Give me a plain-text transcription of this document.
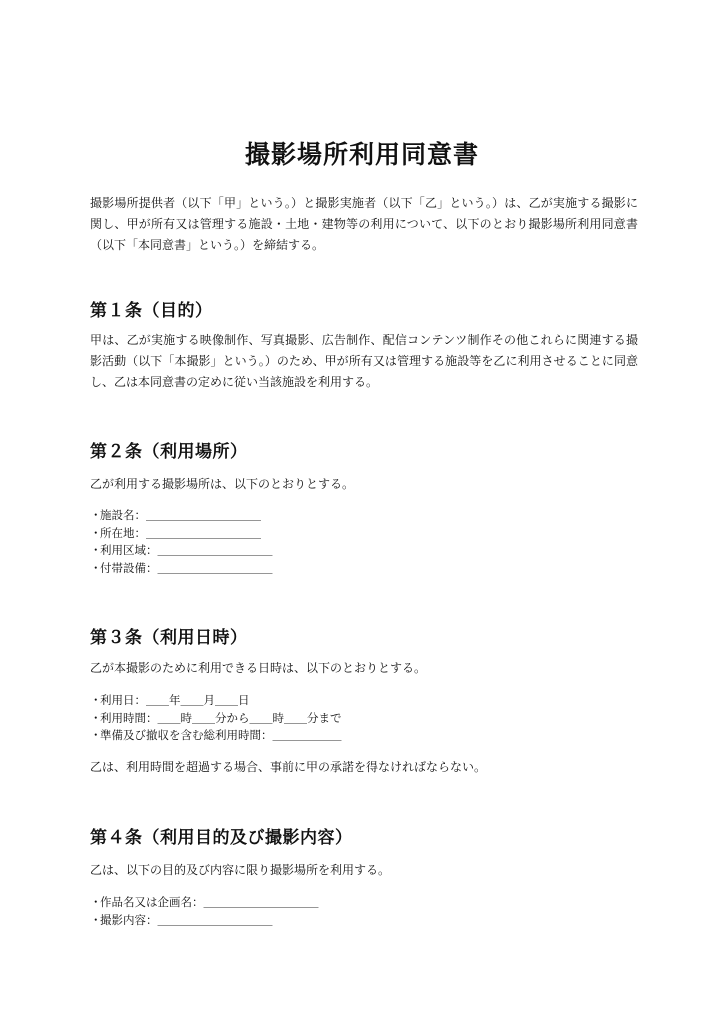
撮影場所利用同意書

撮影場所提供者（以下「甲」という。）と撮影実施者（以下「乙」という。）は、乙が実施する撮影に関し、甲が所有又は管理する施設・土地・建物等の利用について、以下のとおり撮影場所利用同意書（以下「本同意書」という。）を締結する。

第１条（目的）

甲は、乙が実施する映像制作、写真撮影、広告制作、配信コンテンツ制作その他これらに関連する撮影活動（以下「本撮影」という。）のため、甲が所有又は管理する施設等を乙に利用させることに同意し、乙は本同意書の定めに従い当該施設を利用する。

第２条（利用場所）

乙が利用する撮影場所は、以下のとおりとする。

・施設名：＿＿＿＿＿＿＿＿＿＿
・所在地：＿＿＿＿＿＿＿＿＿＿
・利用区域：＿＿＿＿＿＿＿＿＿＿
・付帯設備：＿＿＿＿＿＿＿＿＿＿
第３条（利用日時）

乙が本撮影のために利用できる日時は、以下のとおりとする。

・利用日：＿＿年＿＿月＿＿日
・利用時間：＿＿時＿＿分から＿＿時＿＿分まで
・準備及び撤収を含む総利用時間：＿＿＿＿＿＿

乙は、利用時間を超過する場合、事前に甲の承諾を得なければならない。

第４条（利用目的及び撮影内容）

乙は、以下の目的及び内容に限り撮影場所を利用する。

・作品名又は企画名：＿＿＿＿＿＿＿＿＿＿
・撮影内容：＿＿＿＿＿＿＿＿＿＿
